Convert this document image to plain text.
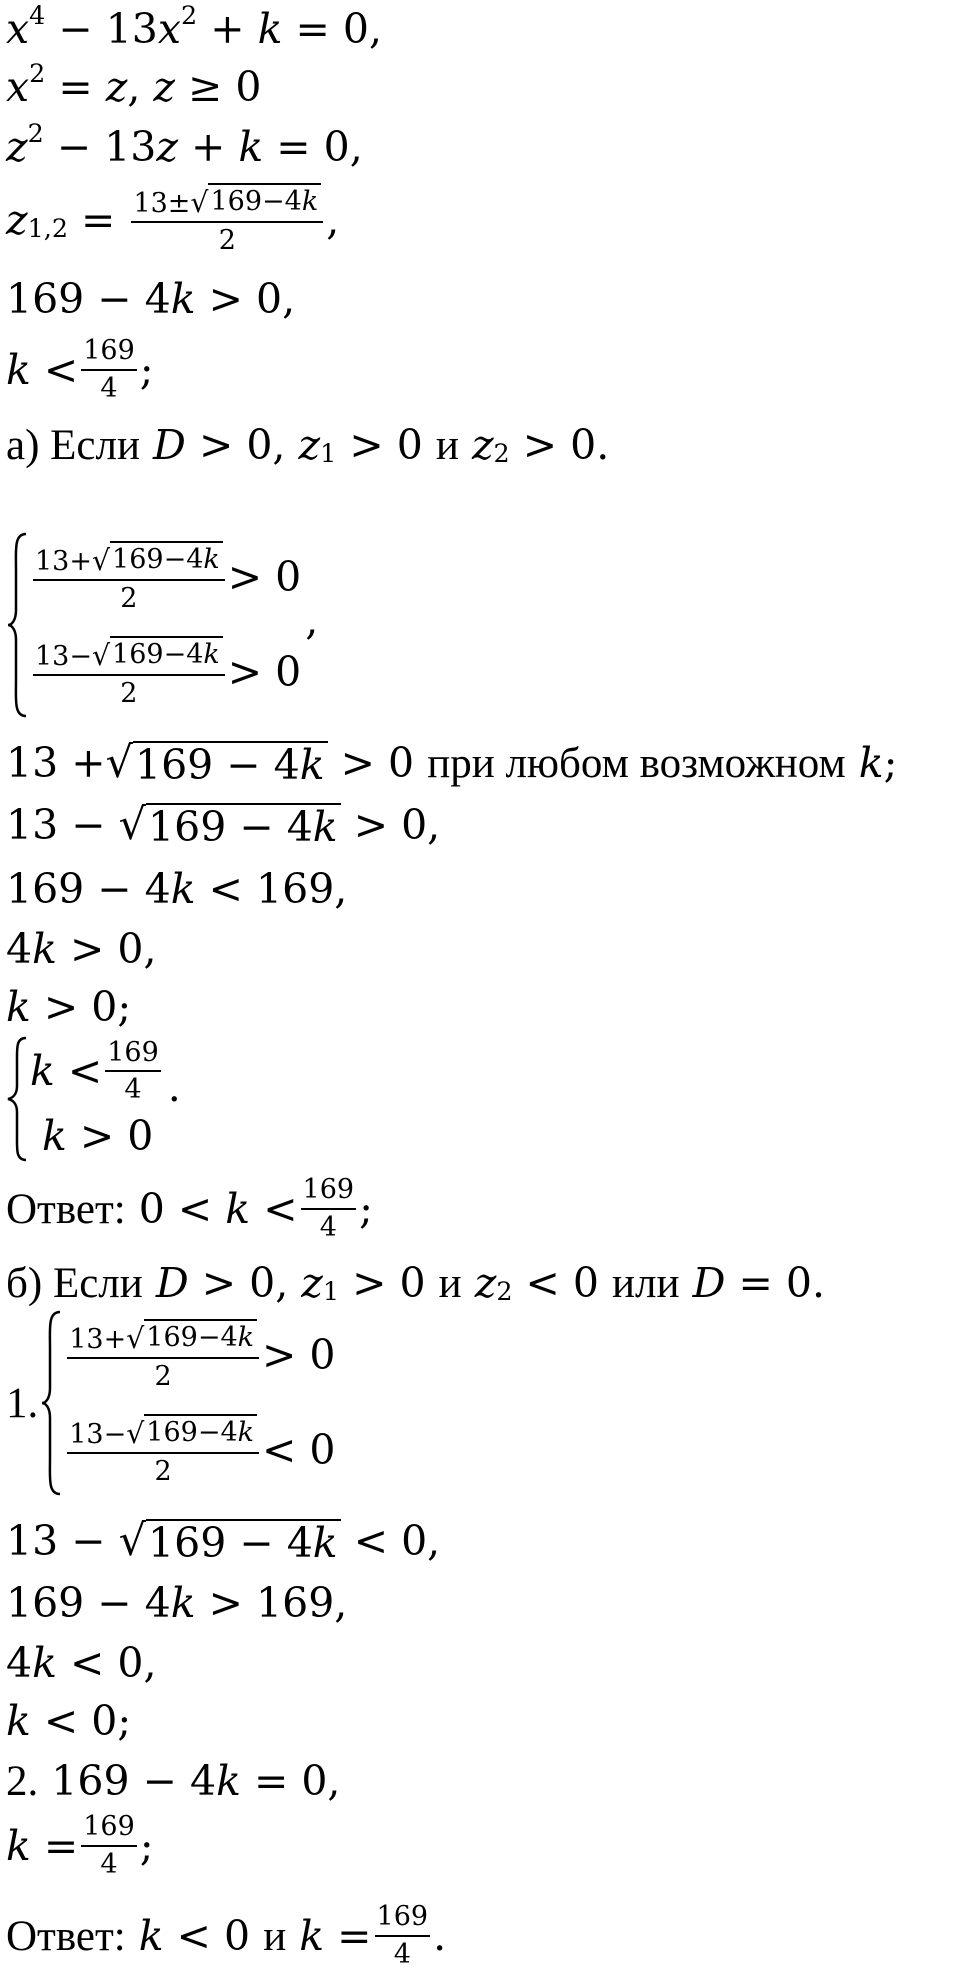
$x^4 - 13$ $x^2 + k = 0$,
$x^2 = z$ , z ≥ 0
$z^2 - 13$ z + k = 0,
$z_{1,2} = \frac{13\pm √ 169-4k}{2}$ ,
169 − 4 k > 0,
$k < \frac{169}{4}$ ;
а) Если
D
> 0,
$z_1$
> 0
и
$z_2$
> 0.
$\frac{13+ √ 169-4k}{2} > 0$
$\frac{13- √ 169-4k}{2} > 0$
,
13 + √ 169 − 4k > 0
при любом возможном
k ;
13 − √ 169 − 4k > 0,
169 − 4 k < 169,
4 k > 0,
k > 0;
$k < \frac{169}{4}$
k > 0
.
Ответ:
$0 < k < \frac{169}{4}$ ;
б) Если
D > 0,
$z_1 > 0$
и
$z_2 < 0$
или
D = 0.
1.
$\frac{13+ √ 169-4k}{2} > 0$
$\frac{13- √ 169-4k}{2} < 0$
13 − √ 169 − 4k < 0,
169 − 4 k > 169,
4 k < 0,
k < 0;
2.
169 − 4 k = 0,
$k = \frac{169}{4}$ ;
Ответ:
k < 0
и
$k = \frac{169}{4}$ .
